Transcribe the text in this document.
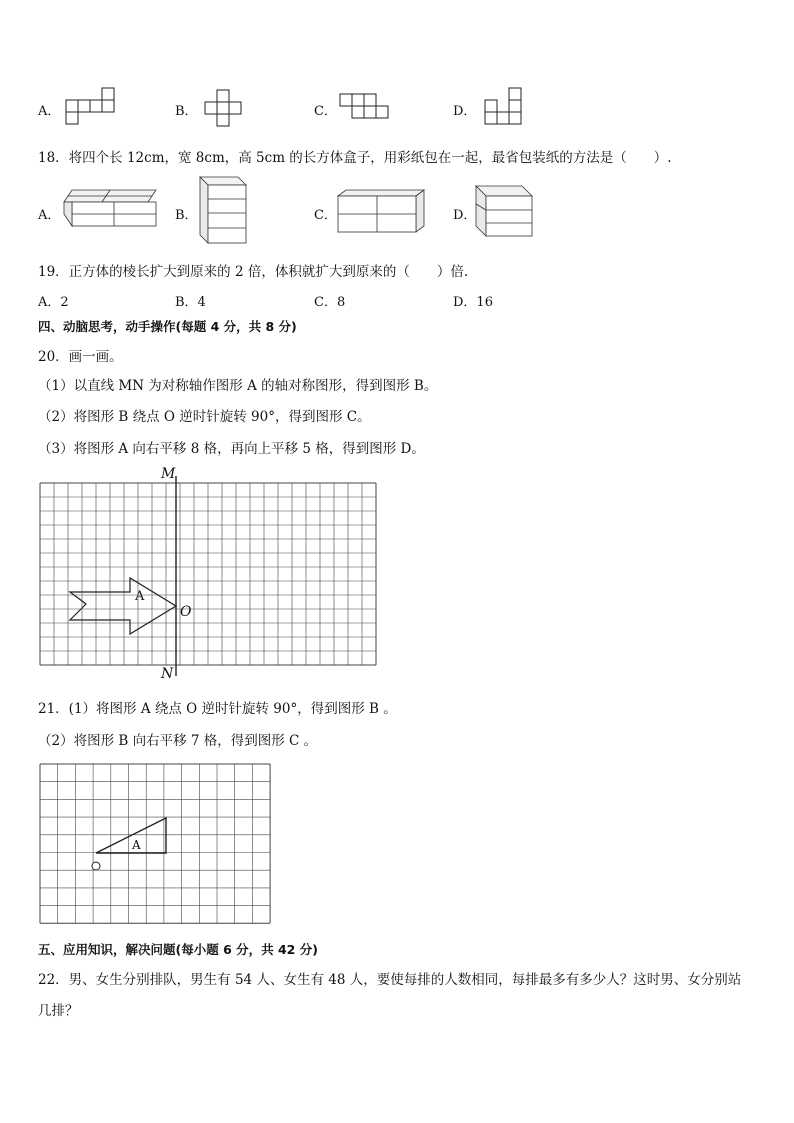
A．	B．	C．	D．
18．将四个长 12cm，宽 8cm，高 5cm 的长方体盒子，用彩纸包在一起，最省包装纸的方法是（　　）.
A．	B．	C．	D．
19．正方体的棱长扩大到原来的 2 倍，体积就扩大到原来的（　　）倍.
A．2	B．4	C．8	D．16
四、动脑思考，动手操作(每题 4 分，共 8 分)
20．画一画。
（1）以直线 MN 为对称轴作图形 A 的轴对称图形，得到图形 B。
（2）将图形 B 绕点 O 逆时针旋转 90°，得到图形 C。
（3）将图形 A 向右平移 8 格，再向上平移 5 格，得到图形 D。
M
N
O
A
21．(1）将图形 A 绕点 O 逆时针旋转 90°，得到图形 B 。
（2）将图形 B 向右平移 7 格，得到图形 C 。
A
五、应用知识，解决问题(每小题 6 分，共 42 分)
22．男、女生分别排队，男生有 54 人、女生有 48 人，要使每排的人数相同，每排最多有多少人？这时男、女分别站
几排？
